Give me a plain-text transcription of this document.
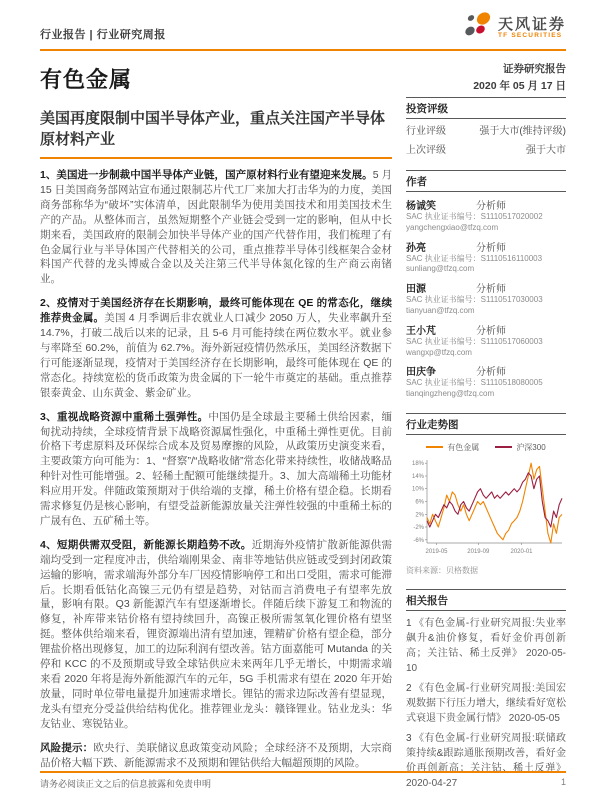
行业报告 | 行业研究周报
天风证券
TF SECURITIES
有色金属
美国再度限制中国半导体产业，重点关注国产半导体原材料产业

1、美国进一步制裁中国半导体产业链，国产原材料行业有望迎来发展。5 月 15 日美国商务部网站宣布通过限制芯片代工厂来加大打击华为的力度，美国商务部称华为“破坏”实体清单，因此限制华为使用美国技术和用美国技术生产的产品。从整体而言，虽然短期整个产业链会受到一定的影响，但从中长期来看，美国政府的限制会加快半导体产业的国产代替作用，我们梳理了有色金属行业与半导体国产代替相关的公司，重点推荐半导体引线框架合金材料国产代替的龙头博威合金以及关注第三代半导体氮化镓的生产商云南锗业。

2、疫情对于美国经济存在长期影响，最终可能体现在 QE 的常态化，继续推荐贵金属。美国 4 月季调后非农就业人口减少 2050 万人，失业率飙升至 14.7%，打破二战后以来的记录，且 5-6 月可能持续在两位数水平。就业参与率降至 60.2%，前值为 62.7%。海外新冠疫情仍然承压，美国经济数据下行可能逐渐显现，疫情对于美国经济存在长期影响，最终可能体现在 QE 的常态化。持续宽松的货币政策为贵金属的下一轮牛市奠定的基础。重点推荐银泰黄金、山东黄金、紫金矿业。

3、重视战略资源中重稀土强弹性。中国仍是全球最主要稀土供给因素，缅甸扰动持续，全球疫情背景下战略资源属性强化，中重稀土弹性更优。目前价格下考虑原料及环保综合成本及贸易摩擦的风险，从政策历史演变来看，主要政策方向可能为：1、“督察”/“战略收储”常态化带来持续性，收储战略品种针对性可能增强。2、轻稀土配额可能继续提升。3、加大高端稀土功能材料应用开发。伴随政策预期对于供给端的支撑，稀土价格有望企稳。长期看需求修复仍是核心影响，有望受益新能源放量关注弹性较强的中重稀土标的广晟有色、五矿稀土等。

4、短期供需双受阻，新能源长期趋势不改。近期海外疫情扩散新能源供需端均受到一定程度冲击，供给端刚果金、南非等地钴供应链或受到封闭政策运输的影响，需求端海外部分车厂因疫情影响停工和出口受阻，需求可能滞后。长期看低钴化高镍三元仍有望是趋势，对钴而言消费电子有望率先放量，影响有限。Q3 新能源汽车有望逐渐增长。伴随后续下游复工和物流的修复，补库带来钴价格有望持续回升，高镍正极所需氢氧化锂价格有望坚挺。整体供给端来看，锂资源端出清有望加速，锂精矿价格有望企稳，部分锂盐价格出现修复，加工的边际利润有望改善。钴方面嘉能可 Mutanda 的关停和 KCC 的不及预期或导致全球钴供应未来两年几乎无增长，中期需求端来看 2020 年将是海外新能源汽车的元年，5G 手机需求有望在 2020 年开始放量，同时单位带电量提升加速需求增长。锂钴的需求边际改善有望显现，龙头有望充分受益供给结构优化。推荐锂业龙头：赣锋锂业。钴业龙头：华友钴业、寒锐钴业。

风险提示：欧央行、美联储议息政策变动风险；全球经济不及预期，大宗商品价格大幅下跌、新能源需求不及预期和锂钴供给大幅超预期的风险。

证券研究报告
2020 年 05 月 17 日
投资评级
行业评级	强于大市(维持评级)
上次评级	强于大市
作者
杨诚笑	分析师
SAC 执业证书编号：S1110517020002
yangchengxiao@tfzq.com
孙亮	分析师
SAC 执业证书编号：S1110516110003
sunliang@tfzq.com
田源	分析师
SAC 执业证书编号：S1110517030003
tianyuan@tfzq.com
王小芃	分析师
SAC 执业证书编号：S1110517060003
wangxp@tfzq.com
田庆争	分析师
SAC 执业证书编号：S1110518080005
tianqingzheng@tfzq.com
行业走势图
有色金属	沪深300
18%
14%
10%
6%
2%
-2%
-6%
2019-05	2019-09	2020-01
资料来源：贝格数据
相关报告
1 《有色金属-行业研究周报:失业率飙升&油价修复，看好金价再创新高；关注钴、稀土反弹》 2020-05-10
2 《有色金属-行业研究周报:美国宏观数据下行压力增大，继续看好宽松式衰退下贵金属行情》 2020-05-05
3 《有色金属-行业研究周报:联储政策持续&跟踪通胀预期改善，看好金价再创新高；关注钴、稀土反弹》 2020-04-27
请务必阅读正文之后的信息披露和免责申明	1
